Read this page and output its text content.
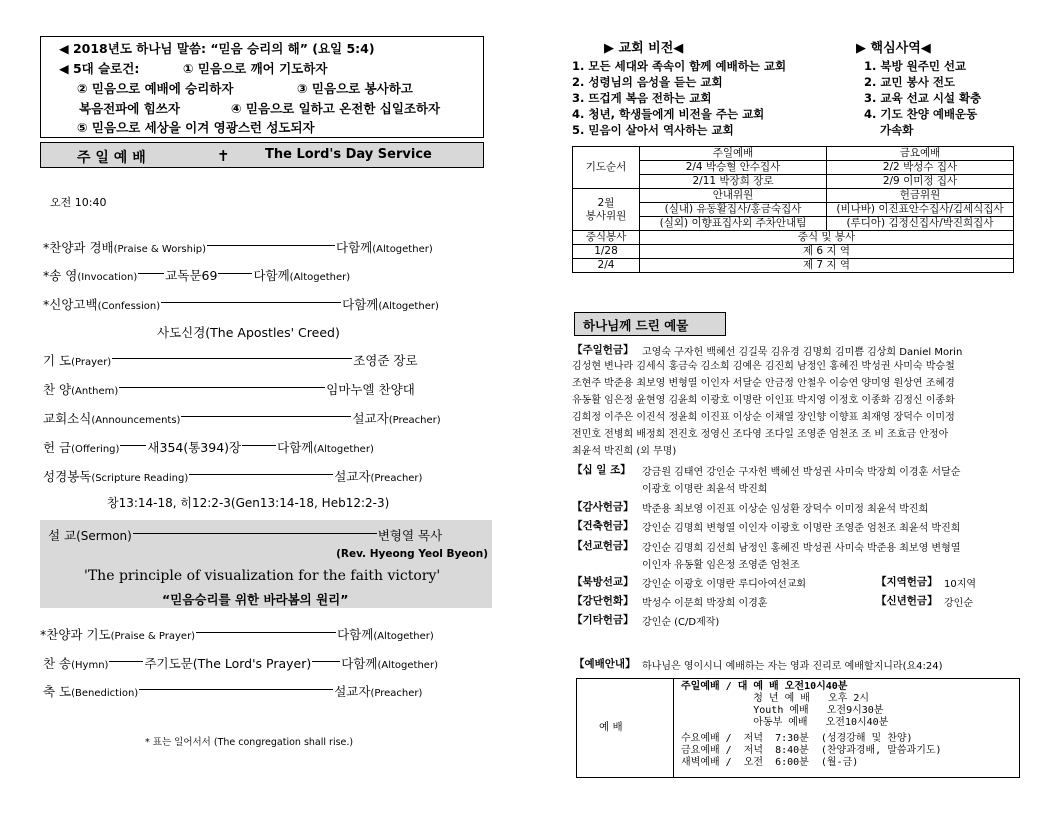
◀ 2018년도 하나님 말씀: “믿음 승리의 해” (요일 5:4)
◀ 5대 슬로건:	① 믿음으로 깨어 기도하자
② 믿음으로 예배에 승리하자	③ 믿음으로 봉사하고
복음전파에 힘쓰자	④ 믿음으로 일하고 온전한 십일조하자
⑤ 믿음으로 세상을 이겨 영광스런 성도되자
주 일 예 배	✝	The Lord's Day Service
오전 10:40
*찬양과 경배(Praise & Worship)	다함께(Altogether)
*송 영(Invocation) 교독문69	다함께(Altogether)
*신앙고백(Confession)	다함께(Altogether)
사도신경(The Apostles' Creed)
기 도(Prayer)	조영준 장로
찬 양(Anthem)	임마누엘 찬양대
교회소식(Announcements)	설교자(Preacher)
헌 금(Offering) 새354(통394)장	다함께(Altogether)
성경봉독(Scripture Reading)	설교자(Preacher)
창13:14-18, 히12:2-3(Gen13:14-18, Heb12:2-3)
설 교(Sermon)	변형열 목사
(Rev. Hyeong Yeol Byeon)
'The principle of visualization for the faith victory'
“믿음승리를 위한 바라봄의 원리”
*찬양과 기도(Praise & Prayer)	다함께(Altogether)
찬 송(Hymn)	주기도문(The Lord's Prayer) 다함께(Altogether)
축 도(Benediction)	설교자(Preacher)
* 표는 일어서서 (The congregation shall rise.)
▶ 교회 비전◀	▶ 핵심사역◀
1. 모든 세대와 족속이 함께 예배하는 교회
2. 성령님의 음성을 듣는 교회
3. 뜨겁게 복음 전하는 교회
4. 청년, 학생들에게 비전을 주는 교회
5. 믿음이 살아서 역사하는 교회
1. 북방 원주민 선교
2. 교민 봉사 전도
3. 교육 선교 시설 확충
4. 기도 찬양 예배운동
가속화
기도순서	주일예배	금요예배
	2/4 박승혈 안수집사	2/2 박성수 집사
	2/11 박장희 장로	2/9 이미정 집사
2월
봉사위원	안내위원	헌금위원
	(실내) 유동활집사/홍금숙집사	(비나바) 이진표안수집사/김세식집사
	(실외) 이향표집사외 주차안내팀	(루디아) 김정신집사/박진희집사
중식봉사	중식 및 봉사	
1/28	제 6 지 역	
2/4	제 7 지 역	
하나님께 드린 예물
【주일헌금】 고영숙 구자헌 백혜선 김길묵 김유경 김명희 김미쁨 김상희 Daniel Morin
김성현 변나라 김세식 홍금숙 김소희 김예은 김진희 남정인 홍혜진 박성권 사미숙 박승철
조현주 박준용 최보영 변형열 이인자 서달순 안금정 안철우 이승연 양미영 원상연 조혜경
유동활 임은정 윤현영 김윤희 이광호 이명란 이인표 박지영 이정호 이종화 김정신 이종화
김희정 이주은 이진석 정윤희 이진표 이상순 이채열 장인향 이향표 최재영 장덕수 이미정
전민호 전병희 배정희 전진호 정영신 조다영 조다일 조영준 엄천조 조 비 조효금 안정아
최윤석 박진희 (외 무명)
【십 일 조】 강금원 김태연 강인순 구자헌 백혜선 박성권 사미숙 박장희 이경훈 서달순
이광호 이명란 최윤석 박진희
【감사헌금】 박준용 최보영 이진표 이상순 임성환 장덕수 이미정 최윤석 박진희
【건축헌금】 강인순 김명희 변형열 이인자 이광호 이명란 조영준 엄천조 최윤석 박진희
【선교헌금】 강인순 김명희 김선희 남정인 홍혜진 박성권 사미숙 박준용 최보영 변형열
이인자 유동활 임은정 조영준 엄천조
【북방선교】 강인순 이광호 이명란 루디아여선교회	【지역헌금】 10지역
【강단헌화】 박성수 이문희 박장희 이경훈	【신년헌금】 강인순
【기타헌금】 강인순 (C/D제작)
【예배안내】 하나님은 영이시니 예배하는 자는 영과 진리로 예배할지니라(요4:24)
예 배
주일예배 / 대 예 배 오전10시40분
청 년 예 배   오후 2시
Youth 예배   오전9시30분
아동부 예배   오전10시40분
수요예배 /  저녁  7:30분  (성경강해 및 찬양)
금요예배 /  저녁  8:40분  (찬양과경배, 말씀과기도)
새벽예배 /  오전  6:00분  (월-금)
